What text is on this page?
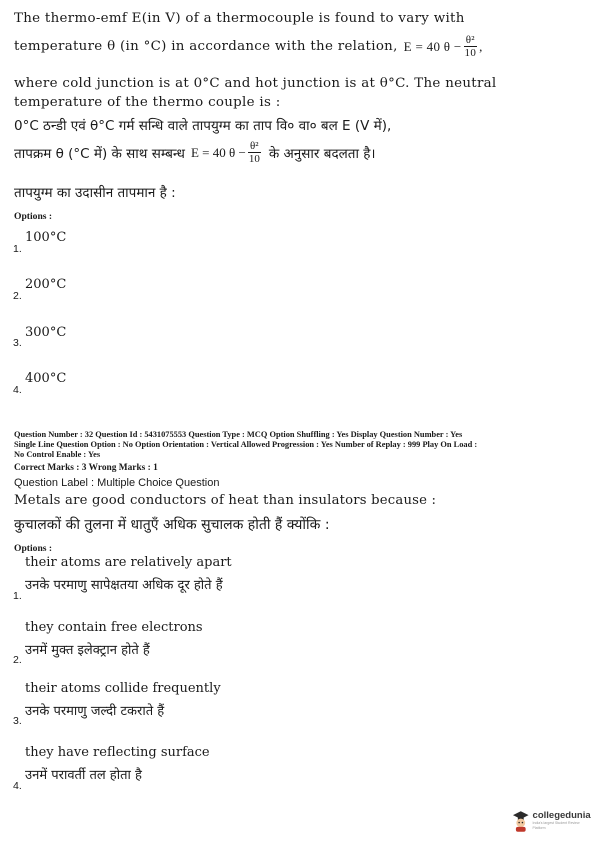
The thermo-emf E(in V) of a thermocouple is found to vary with
temperature θ (in °C) in accordance with the relation, E = 40 $\theta - \frac{\text{θ²}}{10}$ ,
where cold junction is at 0°C and hot junction is at θ°C. The neutral
temperature of the thermo couple is :
0°C ठन्डी एवं θ°C गर्म सन्धि वाले तापयुग्म का ताप वि० वा० बल E (V में),
तापक्रम θ (°C में) के साथ सम्बन्ध E = 40 $\theta - \frac{\text{θ²}}{10}$ के अनुसार बदलता है।
तापयुग्म का उदासीन तापमान है :
Options :
100°C
1.
200°C
2.
300°C
3.
400°C
4.
Question Number : 32 Question Id : 5431075553 Question Type : MCQ Option Shuffling : Yes Display Question Number : Yes
Single Line Question Option : No Option Orientation : Vertical Allowed Progression : Yes Number of Replay : 999 Play On Load :
No Control Enable : Yes
Correct Marks : 3 Wrong Marks : 1
Question Label : Multiple Choice Question
Metals are good conductors of heat than insulators because :
कुचालकों की तुलना में धातुएँ अधिक सुचालक होती हैं क्योंकि :
Options :
their atoms are relatively apart
उनके परमाणु सापेक्षतया अधिक दूर होते हैं
1.
they contain free electrons
उनमें मुक्त इलेक्ट्रान होते हैं
2.
their atoms collide frequently
उनके परमाणु जल्दी टकराते हैं
3.
they have reflecting surface
उनमें परावर्ती तल होता है
4.
collegedunia
India's largest Student Review Platform
